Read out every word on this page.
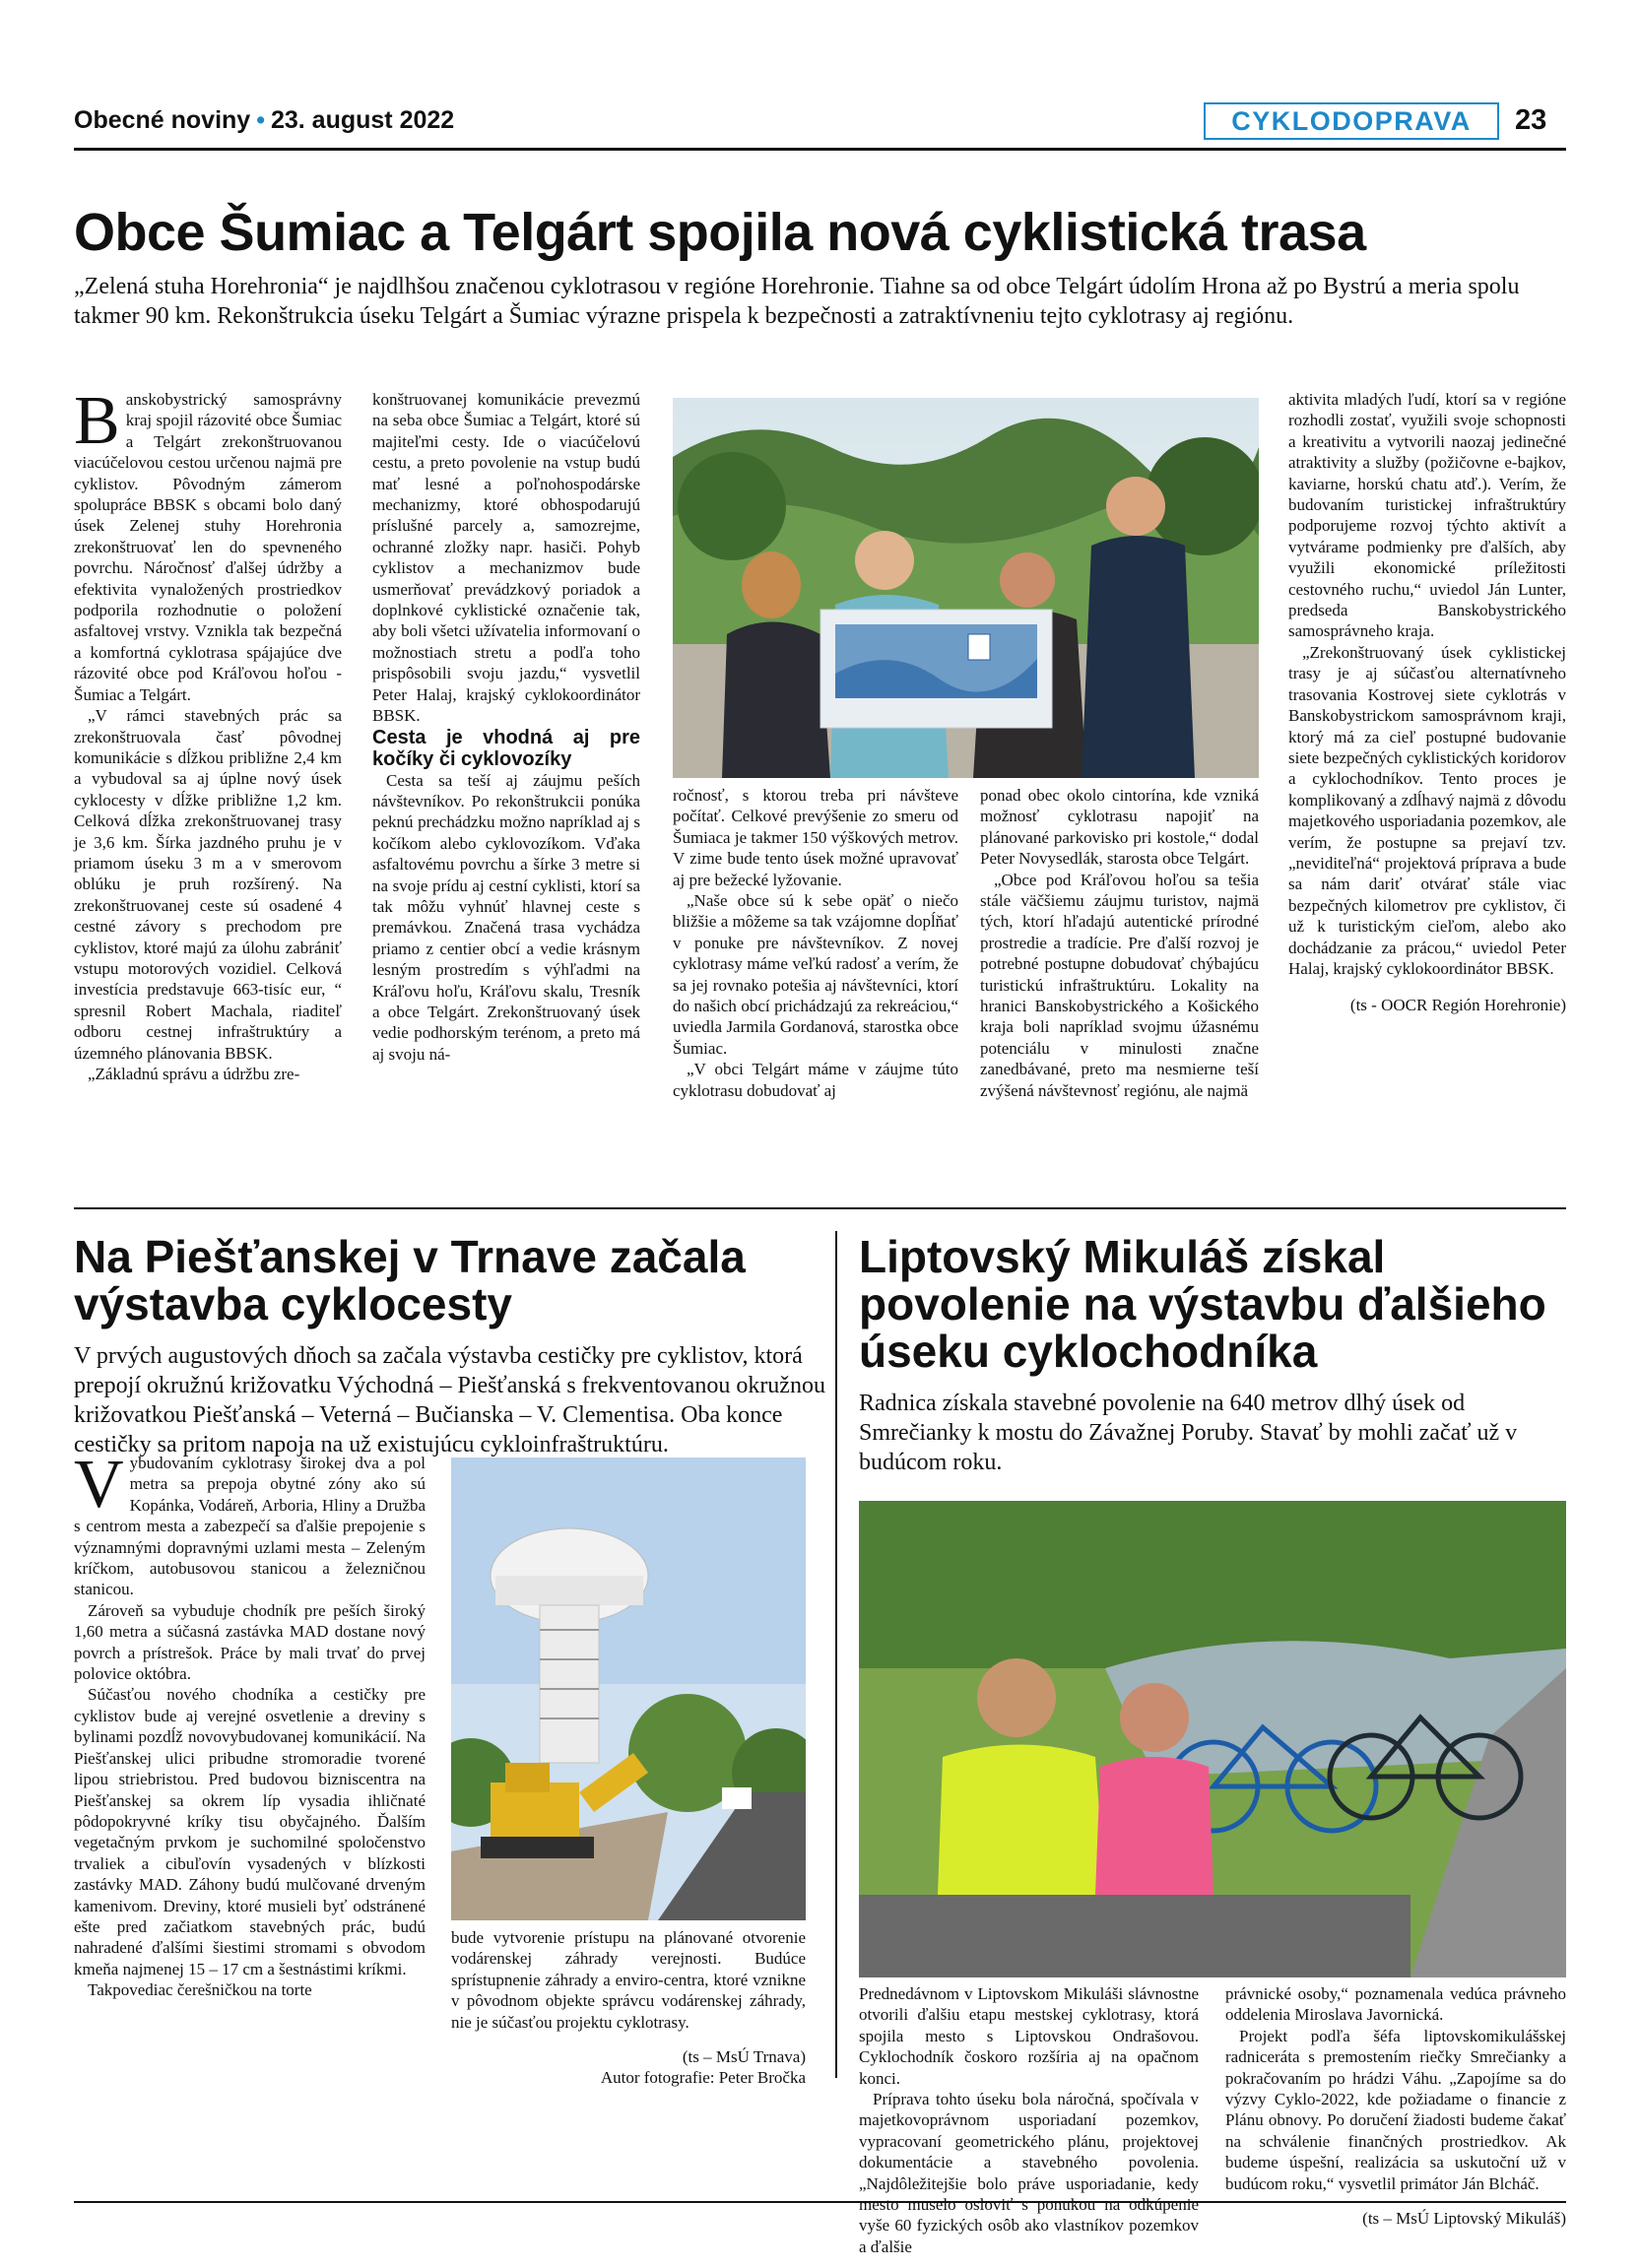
Obecné noviny • 23. august 2022	CYKLODOPRAVA	23
Obce Šumiac a Telgárt spojila nová cyklistická trasa

„Zelená stuha Horehronia“ je najdlhšou značenou cyklotrasou v regióne Horehronie. Tiahne sa od obce Telgárt údolím Hrona až po Bystrú a meria spolu takmer 90 km. Rekonštrukcia úseku Telgárt a Šumiac výrazne prispela k bezpečnosti a zatraktívneniu tejto cyklotrasy aj regiónu.

Banskobystrický samosprávny kraj spojil rázovité obce Šumiac a Telgárt zrekonštruovanou viacúčelovou cestou určenou najmä pre cyklistov. Pôvodným zámerom spolupráce BBSK s obcami bolo daný úsek Zelenej stuhy Horehronia zrekonštruovať len do spevneného povrchu. Náročnosť ďalšej údržby a efektivita vynaložených prostriedkov podporila rozhodnutie o položení asfaltovej vrstvy. Vznikla tak bezpečná a komfortná cyklotrasa spájajúce dve rázovité obce pod Kráľovou hoľou - Šumiac a Telgárt.

„V rámci stavebných prác sa zrekonštruovala časť pôvodnej komunikácie s dĺžkou približne 2,4 km a vybudoval sa aj úplne nový úsek cyklocesty v dĺžke približne 1,2 km. Celková dĺžka zrekonštruovanej trasy je 3,6 km. Šírka jazdného pruhu je v priamom úseku 3 m a v smerovom oblúku je pruh rozšírený. Na zrekonštruovanej ceste sú osadené 4 cestné závory s prechodom pre cyklistov, ktoré majú za úlohu zabrániť vstupu motorových vozidiel. Celková investícia predstavuje 663-tisíc eur, “ spresnil Robert Machala, riaditeľ odboru cestnej infraštruktúry a územného plánovania BBSK.

„Základnú správu a údržbu zre-

konštruovanej komunikácie prevezmú na seba obce Šumiac a Telgárt, ktoré sú majiteľmi cesty. Ide o viacúčelovú cestu, a preto povolenie na vstup budú mať lesné a poľnohospodárske mechanizmy, ktoré obhospodarujú príslušné parcely a, samozrejme, ochranné zložky napr. hasiči. Pohyb cyklistov a mechanizmov bude usmerňovať prevádzkový poriadok a doplnkové cyklistické označenie tak, aby boli všetci užívatelia informovaní o možnostiach stretu a podľa toho prispôsobili svoju jazdu,“ vysvetlil Peter Halaj, krajský cyklokoordinátor BBSK.

Cesta je vhodná aj pre kočíky či cyklovozíky

Cesta sa teší aj záujmu peších návštevníkov. Po rekonštrukcii ponúka peknú prechádzku možno napríklad aj s kočíkom alebo cyklovozíkom. Vďaka asfaltovému povrchu a šírke 3 metre si na svoje prídu aj cestní cyklisti, ktorí sa tak môžu vyhnúť hlavnej ceste s premávkou. Značená trasa vychádza priamo z centier obcí a vedie krásnym lesným prostredím s výhľadmi na Kráľovu hoľu, Kráľovu skalu, Tresník a obce Telgárt. Zrekonštruovaný úsek vedie podhorským terénom, a preto má aj svoju ná-

ročnosť, s ktorou treba pri návšteve počítať. Celkové prevýšenie zo smeru od Šumiaca je takmer 150 výškových metrov. V zime bude tento úsek možné upravovať aj pre bežecké lyžovanie.

„Naše obce sú k sebe opäť o niečo bližšie a môžeme sa tak vzájomne dopĺňať v ponuke pre návštevníkov. Z novej cyklotrasy máme veľkú radosť a verím, že sa jej rovnako potešia aj návštevníci, ktorí do našich obcí prichádzajú za rekreáciou,“ uviedla Jarmila Gordanová, starostka obce Šumiac.

„V obci Telgárt máme v záujme túto cyklotrasu dobudovať aj

ponad obec okolo cintorína, kde vzniká možnosť cyklotrasu napojiť na plánované parkovisko pri kostole,“ dodal Peter Novysedlák, starosta obce Telgárt.

„Obce pod Kráľovou hoľou sa tešia stále väčšiemu záujmu turistov, najmä tých, ktorí hľadajú autentické prírodné prostredie a tradície. Pre ďalší rozvoj je potrebné postupne dobudovať chýbajúcu turistickú infraštruktúru. Lokality na hranici Banskobystrického a Košického kraja boli napríklad svojmu úžasnému potenciálu v minulosti značne zanedbávané, preto ma nesmierne teší zvýšená návštevnosť regiónu, ale najmä

aktivita mladých ľudí, ktorí sa v regióne rozhodli zostať, využili svoje schopnosti a kreativitu a vytvorili naozaj jedinečné atraktivity a služby (požičovne e-bajkov, kaviarne, horskú chatu atď.). Verím, že budovaním turistickej infraštruktúry podporujeme rozvoj týchto aktivít a vytvárame podmienky pre ďalších, aby využili ekonomické príležitosti cestovného ruchu,“ uviedol Ján Lunter, predseda Banskobystrického samosprávneho kraja.

„Zrekonštruovaný úsek cyklistickej trasy je aj súčasťou alternatívneho trasovania Kostrovej siete cyklotrás v Banskobystrickom samosprávnom kraji, ktorý má za cieľ postupné budovanie siete bezpečných cyklistických koridorov a cyklochodníkov. Tento proces je komplikovaný a zdĺhavý najmä z dôvodu majetkového usporiadania pozemkov, ale verím, že postupne sa prejaví tzv. „neviditeľná“ projektová príprava a bude sa nám dariť otvárať stále viac bezpečných kilometrov pre cyklistov, či už k turistickým cieľom, alebo ako dochádzanie za prácou,“ uviedol Peter Halaj, krajský cyklokoordinátor BBSK.

(ts - OOCR Región Horehronie)

Na Piešťanskej v Trnave začala výstavba cyklocesty

V prvých augustových dňoch sa začala výstavba cestičky pre cyklistov, ktorá prepojí okružnú križovatku Východná – Piešťanská s frekventovanou okružnou križovatkou Piešťanská – Veterná – Bučianska – V. Clementisa. Oba konce cestičky sa pritom napoja na už existujúcu cykloinfraštruktúru.

Vybudovaním cyklotrasy širokej dva a pol metra sa prepoja obytné zóny ako sú Kopánka, Vodáreň, Arboria, Hliny a Družba s centrom mesta a zabezpečí sa ďalšie prepojenie s významnými dopravnými uzlami mesta – Zeleným kríčkom, autobusovou stanicou a železničnou stanicou.

Zároveň sa vybuduje chodník pre peších široký 1,60 metra a súčasná zastávka MAD dostane nový povrch a prístrešok. Práce by mali trvať do prvej polovice októbra.

Súčasťou nového chodníka a cestičky pre cyklistov bude aj verejné osvetlenie a dreviny s bylinami pozdĺž novovybudovanej komunikácií. Na Piešťanskej ulici pribudne stromoradie tvorené lipou striebristou. Pred budovou bizniscentra na Piešťanskej sa okrem líp vysadia ihličnaté pôdopokryvné kríky tisu obyčajného. Ďalším vegetačným prvkom je suchomilné spoločenstvo trvaliek a cibuľovín vysadených v blízkosti zastávky MAD. Záhony budú mulčované drveným kamenivom. Dreviny, ktoré musieli byť odstránené ešte pred začiatkom stavebných prác, budú nahradené ďalšími šiestimi stromami s obvodom kmeňa najmenej 15 – 17 cm a šestnástimi kríkmi.

Takpovediac čerešničkou na torte

bude vytvorenie prístupu na plánované otvorenie vodárenskej záhrady verejnosti. Budúce sprístupnenie záhrady a enviro-centra, ktoré vznikne v pôvodnom objekte správcu vodárenskej záhrady, nie je súčasťou projektu cyklotrasy.

(ts – MsÚ Trnava)

Autor fotografie: Peter Bročka

Liptovský Mikuláš získal povolenie na výstavbu ďalšieho úseku cyklochodníka

Radnica získala stavebné povolenie na 640 metrov dlhý úsek od Smrečianky k mostu do Závažnej Poruby. Stavať by mohli začať už v budúcom roku.

Prednedávnom v Liptovskom Mikuláši slávnostne otvorili ďalšiu etapu mestskej cyklotrasy, ktorá spojila mesto s Liptovskou Ondrašovou. Cyklochodník čoskoro rozšíria aj na opačnom konci.

Príprava tohto úseku bola náročná, spočívala v majetkovoprávnom usporiadaní pozemkov, vypracovaní geometrického plánu, projektovej dokumentácie a stavebného povolenia. „Najdôležitejšie bolo práve usporiadanie, kedy mesto muselo osloviť s ponukou na odkúpenie vyše 60 fyzických osôb ako vlastníkov pozemkov a ďalšie

právnické osoby,“ poznamenala vedúca právneho oddelenia Miroslava Javornická.

Projekt podľa šéfa liptovskomikulášskej radniceráta s premostením riečky Smrečianky a pokračovaním po hrádzi Váhu. „Zapojíme sa do výzvy Cyklo-2022, kde požiadame o financie z Plánu obnovy. Po doručení žiadosti budeme čakať na schválenie finančných prostriedkov. Ak budeme úspešní, realizácia sa uskutoční už v budúcom roku,“ vysvetlil primátor Ján Blcháč.

(ts – MsÚ Liptovský Mikuláš)
